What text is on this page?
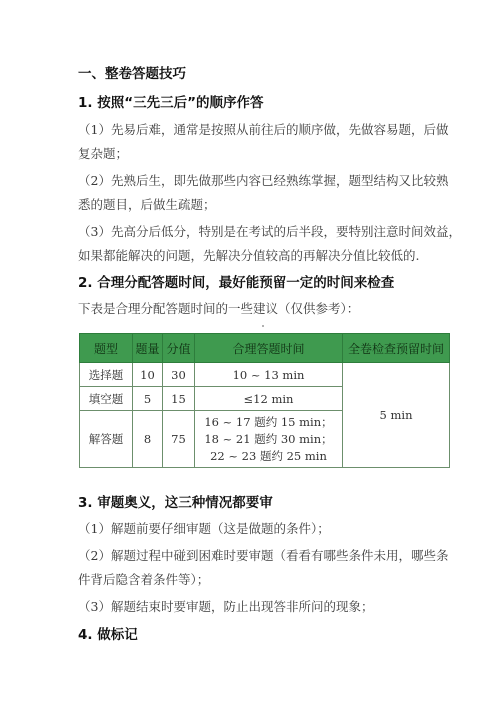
一、整卷答题技巧
1. 按照“三先三后”的顺序作答
（1）先易后难，通常是按照从前往后的顺序做，先做容易题，后做
复杂题；
（2）先熟后生，即先做那些内容已经熟练掌握，题型结构又比较熟
悉的题目，后做生疏题；
（3）先高分后低分，特别是在考试的后半段，要特别注意时间效益，
如果都能解决的问题，先解决分值较高的再解决分值比较低的.
2. 合理分配答题时间，最好能预留一定的时间来检查
下表是合理分配答题时间的一些建议（仅供参考）：
题型	题量	分值	合理答题时间	全卷检查预留时间
选择题	10	30	10 ~ 13 min	5 min
填空题	5	15	≤12 min	
解答题	8	75	16 ~ 17 题约 15 min；
18 ~ 21 题约 30 min；
22 ~ 23 题约 25 min	
3. 审题奥义，这三种情况都要审
（1）解题前要仔细审题（这是做题的条件）；
（2）解题过程中碰到困难时要审题（看看有哪些条件未用，哪些条
件背后隐含着条件等）；
（3）解题结束时要审题，防止出现答非所问的现象；
4. 做标记
